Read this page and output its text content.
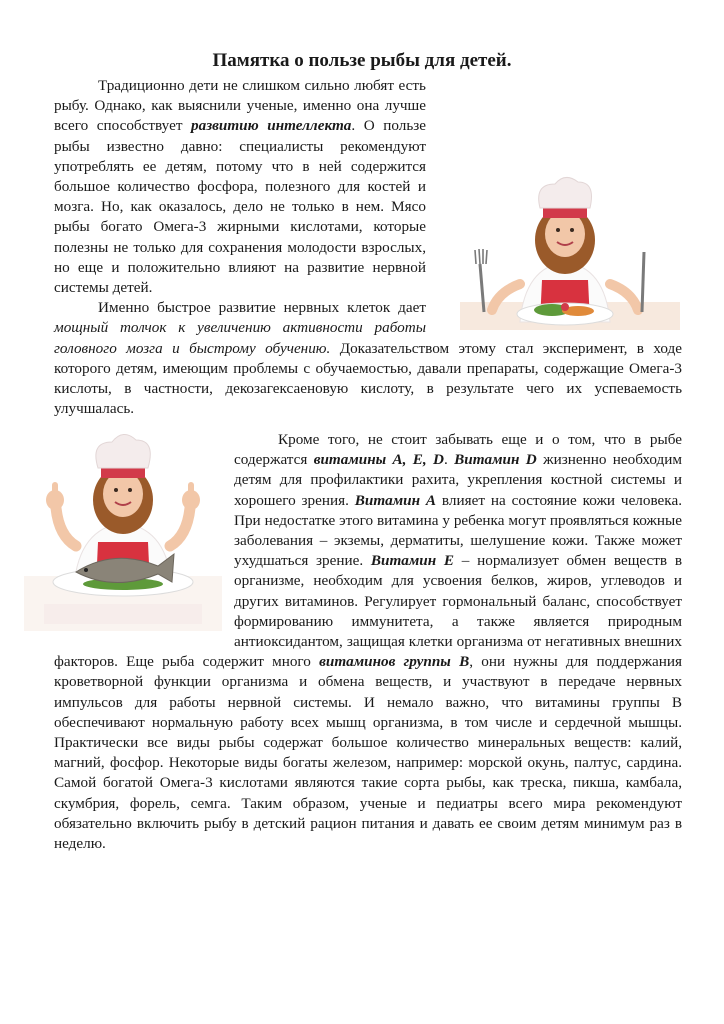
Памятка о пользе рыбы для детей.

Традиционно дети не слишком сильно любят есть рыбу. Однако, как выяснили ученые, именно она лучше всего способствует развитию интеллекта. О пользе рыбы известно давно: специалисты рекомендуют употреблять ее детям, потому что в ней содержится большое количество фосфора, полезного для костей и мозга. Но, как оказалось, дело не только в нем. Мясо рыбы богато Омега-3 жирными кислотами, которые полезны не только для сохранения молодости взрослых, но еще и положительно влияют на развитие нервной системы детей.

Именно быстрое развитие нервных клеток дает мощный толчок к увеличению активности работы головного мозга и быстрому обучению. Доказательством этому стал эксперимент, в ходе которого детям, имеющим проблемы с обучаемостью, давали препараты, содержащие Омега-3 кислоты, в частности, декозагексаеновую кислоту, в результате чего их успеваемость улучшалась.

Кроме того, не стоит забывать еще и о том, что в рыбе содержатся витамины А, Е, D. Витамин D жизненно необходим детям для профилактики рахита, укрепления костной системы и хорошего зрения. Витамин А влияет на состояние кожи человека. При недостатке этого витамина у ребенка могут проявляться кожные заболевания – экземы, дерматиты, шелушение кожи. Также может ухудшаться зрение. Витамин Е – нормализует обмен веществ в организме, необходим для усвоения белков, жиров, углеводов и других витаминов. Регулирует гормональный баланс, способствует формированию иммунитета, а также является природным антиоксидантом, защищая клетки организма от негативных внешних факторов. Еще рыба содержит много витаминов группы В, они нужны для поддержания кроветворной функции организма и обмена веществ, и участвуют в передаче нервных импульсов для работы нервной системы. И немало важно, что витамины группы В обеспечивают нормальную работу всех мышц организма, в том числе и сердечной мышцы. Практически все виды рыбы содержат большое количество минеральных веществ: калий, магний, фосфор. Некоторые виды богаты железом, например: морской окунь, палтус, сардина. Самой богатой Омега-3 кислотами являются такие сорта рыбы, как треска, пикша, камбала, скумбрия, форель, семга. Таким образом, ученые и педиатры всего мира рекомендуют обязательно включить рыбу в детский рацион питания и давать ее своим детям минимум раз в неделю.
